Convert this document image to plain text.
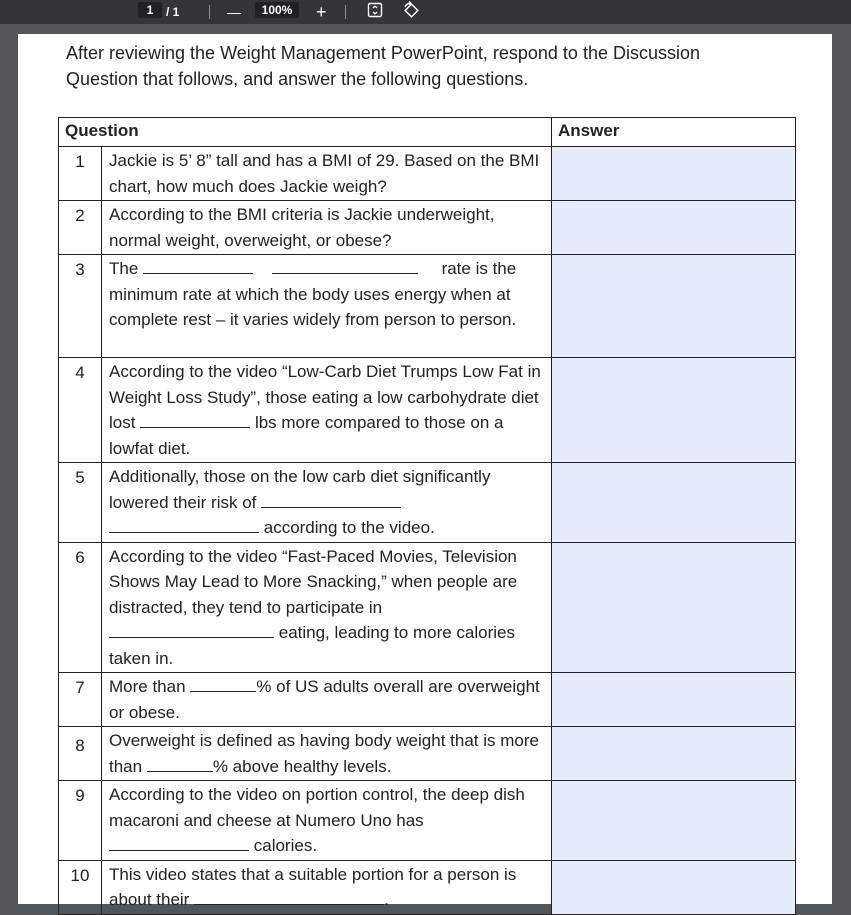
1	/ 1	—	100%	+
After reviewing the Weight Management PowerPoint, respond to the Discussion Question that follows, and answer the following questions.
Question		Answer
1	Jackie is 5’ 8” tall and has a BMI of 29. Based on the BMI chart, how much does Jackie weigh?	
2	According to the BMI criteria is Jackie underweight, normal weight, overweight, or obese?	
3	The rate is the minimum rate at which the body uses energy when at complete rest – it varies widely from person to person.	
4	According to the video “Low-Carb Diet Trumps Low Fat in Weight Loss Study”, those eating a low carbohydrate diet lost lbs more compared to those on a lowfat diet.	
5	Additionally, those on the low carb diet significantly lowered their risk of   according to the video.	
6	According to the video “Fast-Paced Movies, Television Shows May Lead to More Snacking,” when people are distracted, they tend to participate in  eating, leading to more calories taken in.	
7	More than % of US adults overall are overweight or obese.	
8	Overweight is defined as having body weight that is more than % above healthy levels.	
9	According to the video on portion control, the deep dish macaroni and cheese at Numero Uno has  calories.	
10	This video states that a suitable portion for a person is about their .	
